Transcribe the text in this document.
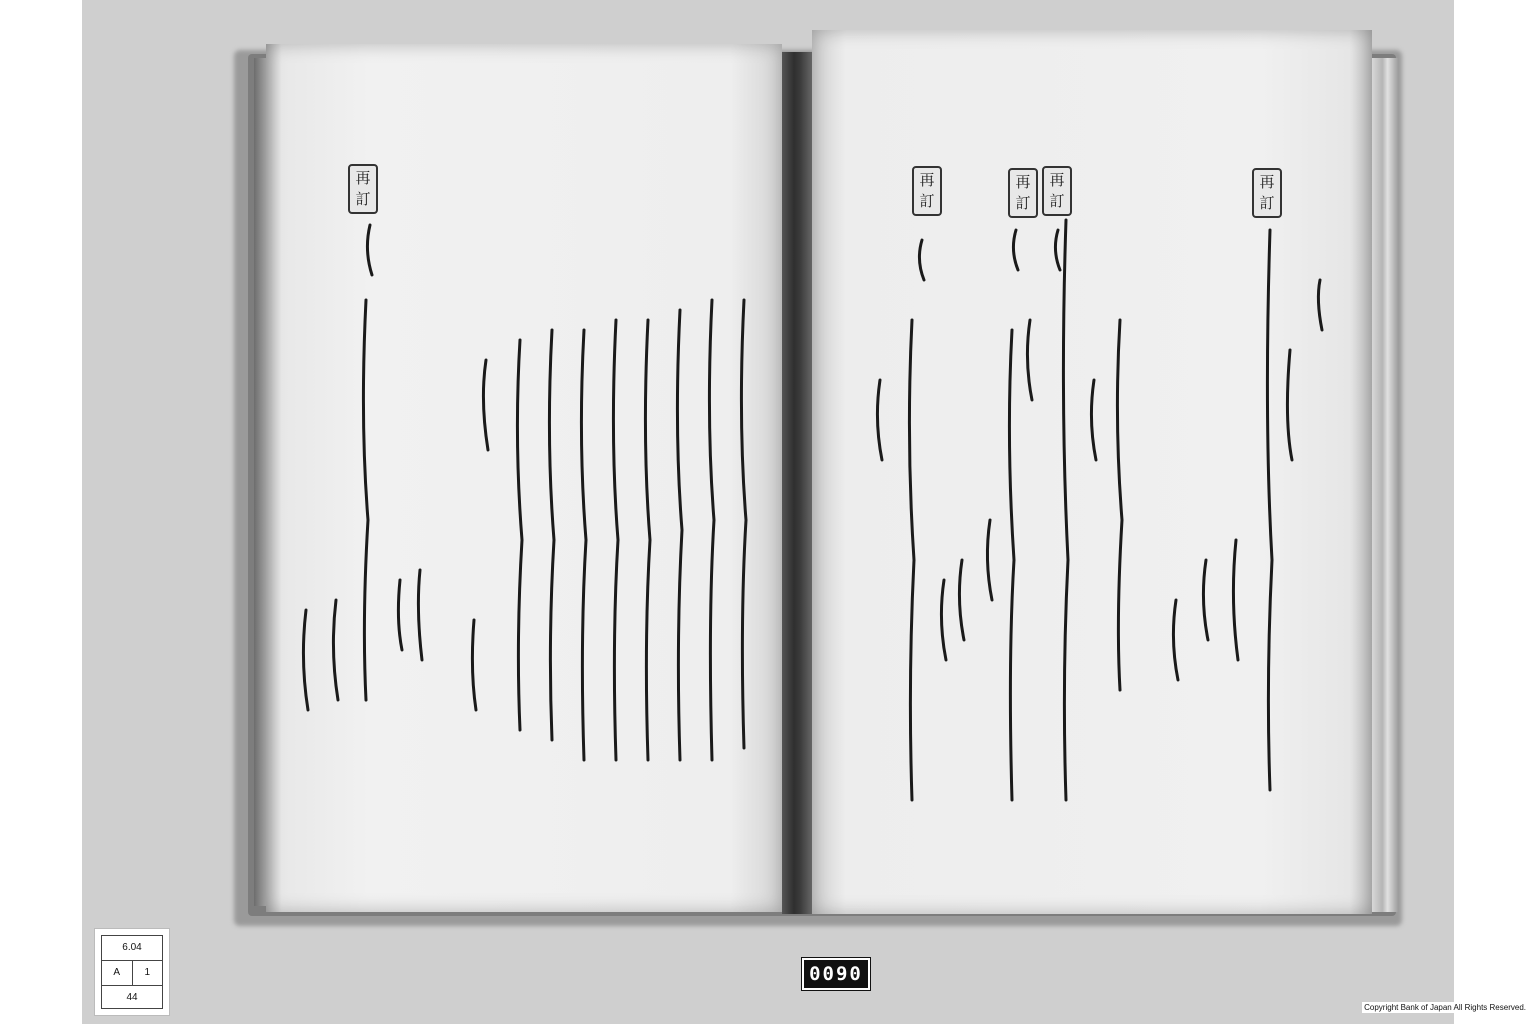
再
訂
再
訂
再
訂
再
訂
再
訂
6.04
A	1
44
0090
Copyright Bank of Japan All Rights Reserved.
